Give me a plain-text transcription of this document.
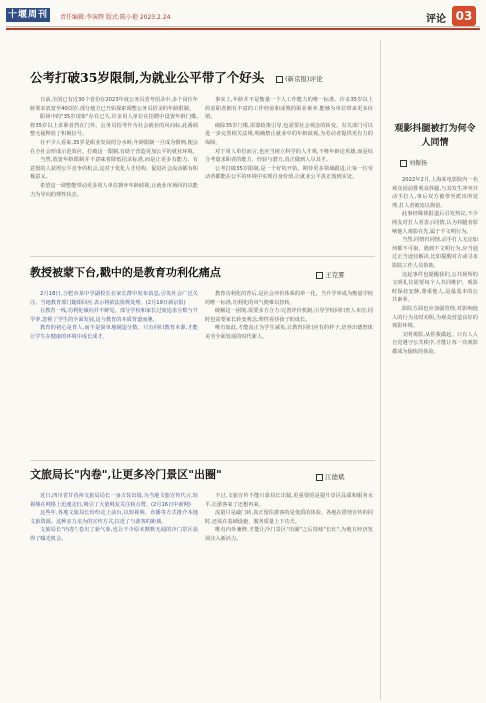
十堰周刊	责任编辑:李演辉 版式:陈小艳 2023.2.24	评论 03
公考打破35岁限制,为就业公平带了个好头	(新京报)评论

日前,全国已有近30个省份在2023年度公务员省考招录中,多个岗位年龄要求放宽至40周岁,部分地方已开始探索调整公务员招录的年龄限制。

职场中的"35岁现象"存在已久,许多用人单位在招聘中设置年龄门槛,将35岁以上求职者挡在门外。公务员招考作为社会就业的风向标,此番调整无疑释放了积极信号。

在不少人看来,35岁是职业发展的分水岭,年龄限制一旦成为惯例,便会在全社会形成示范效应。打破这一限制,有助于营造更加公平的就业环境。

当然,放宽年龄限制并不意味着降低招录标准,而是让更多有能力、有意愿的人获得公平竞争的机会,这对于优化人才结构、促进社会流动都有积极意义。

希望这一调整能带动更多用人单位摒弃年龄歧视,让就业市场回归以能力为导向的理性状态。

事实上,年龄并不是衡量一个人工作能力的唯一标准。许多35岁以上的求职者拥有丰富的工作经验和成熟的职业素养,能够为单位带来更多价值。

破除35岁门槛,需要政策引导,也需要社会观念的转变。有关部门可以进一步完善相关法规,明确禁止就业中的年龄歧视,为劳动者提供更有力的保障。

对于用人单位而言,也应当树立科学的人才观,不唯年龄论英雄,而是综合考量求职者的能力、经验与潜力,真正做到人尽其才。

公考打破35岁限制,是一个好的开始。期待更多领域跟进,让每一位劳动者都能在公平的环境中实现自身价值,让就业公平真正落到实处。

教授被蒙下台,戳中的是教育功利化痛点	王克雾

2月18日,合肥市某中学副校长在家长群中发布消息,引发社会广泛关注。当地教育部门随即回应,表示将依法依规处理。(2月19日新京报)

在教育一线,功利化倾向并不鲜见。部分学校和家长过度追求分数与升学率,忽视了学生的全面发展,这与教育的本质背道而驰。

教育的初心是育人,而不是简单地制造分数。只有回归教育本源,才能让学生在健康的环境中成长成才。

教育功利化的背后,是社会评价体系的单一化。当升学率成为衡量学校的唯一标准,功利化的风气便难以扭转。

破解这一困境,需要多方合力:完善评价机制,引导学校回归育人本位;同时也需要家长转变观念,理性看待孩子的成长。

唯有如此,才能真正为学生减负,让教育回归应有的样子,培养出德智体美劳全面发展的时代新人。

文旅局长"内卷",让更多冷门景区"出圈"	江德斌

近日,四川省甘孜州文旅局局长一身古装出镜,为当地文旅宣传代言,短视频在网络上迅速走红,吸引了大量网友关注和点赞。(2月16日中新网)

这些年,各地文旅局长纷纷走上前台,以短视频、直播等方式推介本地文旅资源。这种亲力亲为的宣传方式,拉近了与游客的距离。

文旅局长"内卷",卷出了新气象,也让不少原本默默无闻的冷门景区获得了曝光机会。

不过,文旅宣传不能只靠局长出镜,更重要的是提升景区品质和服务水平,让游客来了还想再来。

流量只是敲门砖,真正留住游客的是优质的体验。各地在借势宣传的同时,还需在基础设施、服务质量上下功夫。

唯有内外兼修,才能让冷门景区"出圈"之后持续"长红",为地方经济发展注入新活力。

观影抖腿被打为何令人同情
刘振扬

2022年2月,上海某电影院内一名观众因前排观众抖腿,与其发生冲突并动手打人,事后双方被带至派出所处理,打人者被处以拘留。

此事经媒体报道后引发热议,不少网友对打人者表示同情,认为抖腿者影响他人观影在先,属于不文明行为。

当然,同情归同情,动手打人无论如何都不可取。遇到不文明行为,应当通过正当途径解决,比如提醒对方或寻求影院工作人员帮助。

这起事件也提醒我们,公共场所的文明礼仪需要每个人共同维护。观影时保持安静,尊重他人,是最基本的公共素养。

影院方面也应加强管理,对影响他人的行为及时劝阻,为观众营造良好的观影环境。

文明观影,从你我做起。只有人人自觉遵守公共秩序,才能让每一次观影都成为愉快的体验。
